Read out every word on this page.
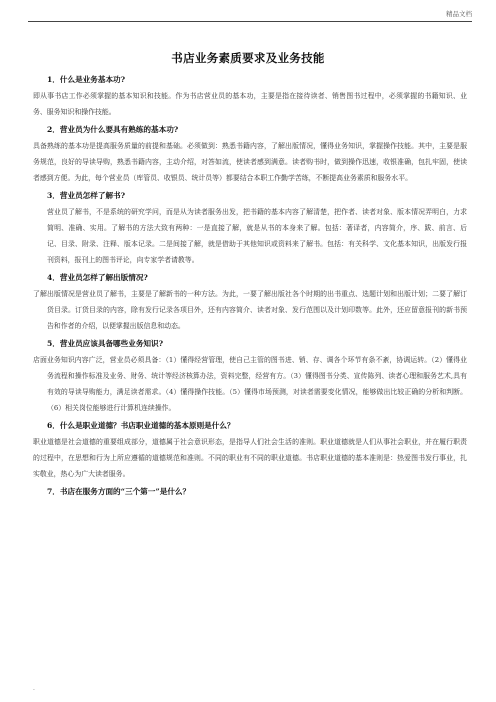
精品文档
书店业务素质要求及业务技能
1．什么是业务基本功?
即从事书店工作必须掌握的基本知识和技能。作为书店营业员的基本功，主要是指在接待读者、销售图书过程中，必须掌握的书籍知识、业务、服务知识和操作技能。
2．营业员为什么要具有熟练的基本功?
具备熟练的基本功是提高服务质量的前提和基础。必须做到：熟悉书籍内容，了解出版情况，懂得业务知识，掌握操作技能。其中，主要是服务规范，良好的导读导购，熟悉书籍内容，主动介绍，对答如流，使读者感到满意。读者购书时，做到操作迅速，收银准确，包扎牢固，使读者感到方便。为此，每个营业员（库管员、收银员、统计员等）都要结合本职工作勤学苦练，不断提高业务素质和服务水平。
3．营业员怎样了解书?
营业员了解书，不是系统的研究学问，而是从为读者服务出发，把书籍的基本内容了解清楚，把作者、读者对象、版本情况弄明白，力求简明、准确、实用。了解书的方法大致有两种：一是直接了解，就是从书的本身来了解。包括：著译者，内容简介，序、跋、前言、后记、目录、附录、注释、版本记录。二是间接了解，就是借助于其他知识或资料来了解书。包括：有关科学、文化基本知识，出版发行报刊资料，报刊上的图书评论，向专家学者请教等。
4．营业员怎样了解出版情况?
了解出版情况是营业员了解书，主要是了解新书的一种方法。为此，一要了解出版社各个时期的出书重点、选题计划和出版计划；二要了解订货目录。订货目录的内容，除有发行记录各项目外，还有内容简介、读者对象、发行范围以及计划印数等。此外，还应留意报刊的新书预告和作者的介绍，以便掌握出版信息和动态。
5．营业员应该具备哪些业务知识?
店面业务知识内容广泛，营业员必须具备：（1）懂得经营管理，使自己主管的图书进、销、存、调各个环节有条不紊，协调运转。（2）懂得业务流程和操作标准及业务、财务、统计等经济核算办法，资料完整，经营有方。（3）懂得图书分类、宣传陈列、读者心理和服务艺术,具有有效的导读导购能力，满足读者需求。（4）懂得操作技能。（5）懂得市场预测，对读者需要变化情况，能够做出比较正确的分析和判断。（6）相关岗位能够进行计算机连续操作。
6．什么是职业道德？书店职业道德的基本原则是什么？
职业道德是社会道德的重要组成部分，道德属于社会意识形态，是指导人们社会生活的准则。职业道德就是人们从事社会职业，并在履行职责的过程中，在思想和行为上所应遵循的道德规范和准则。不同的职业有不同的职业道德。书店职业道德的基本准则是：热爱图书发行事业，扎实敬业，热心为广大读者服务。
7．书店在服务方面的“三个第一”是什么？
.
